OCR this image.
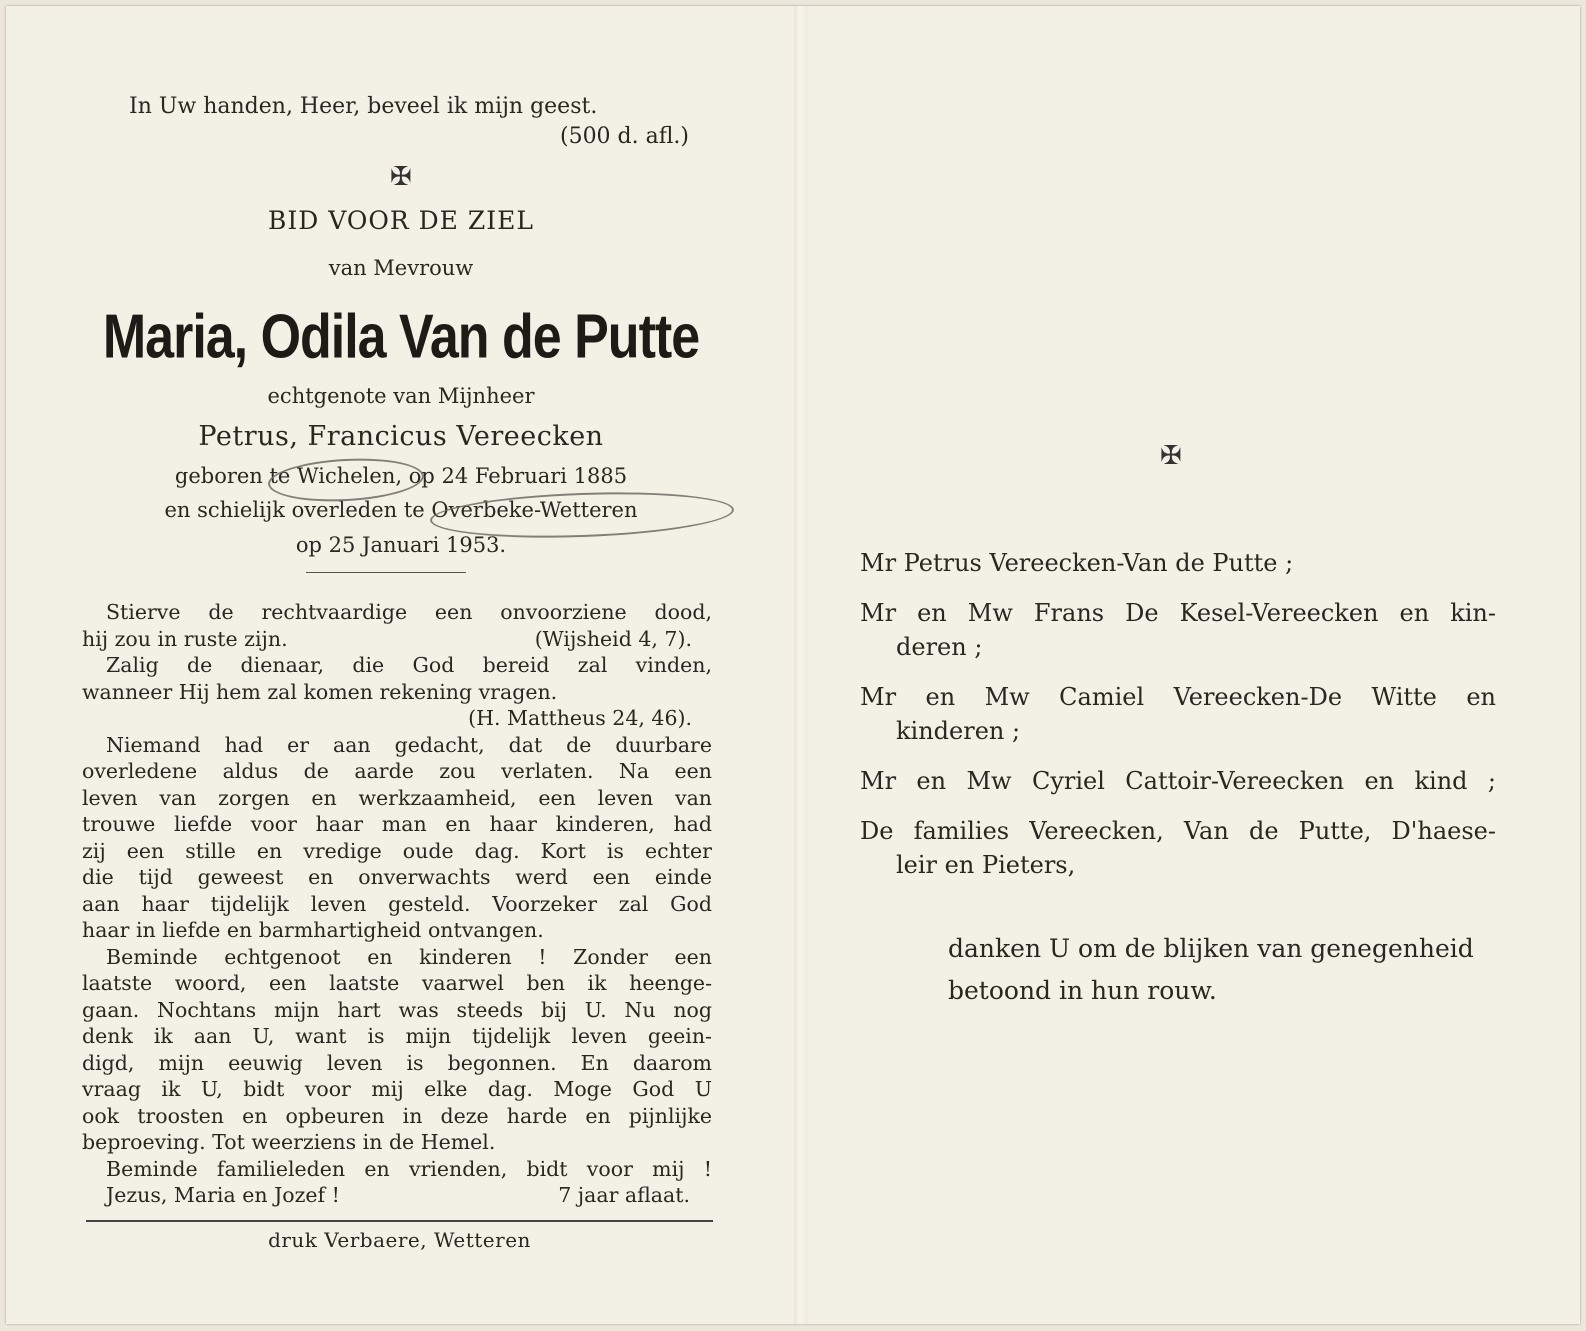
In Uw handen, Heer, beveel ik mijn geest.
(500 d. afl.)
✠
BID VOOR DE ZIEL
van Mevrouw
Maria, Odila Van de Putte
echtgenote van Mijnheer
Petrus, Francicus Vereecken
geboren te Wichelen, op 24 Februari 1885
en schielijk overleden te Overbeke-Wetteren
op 25 Januari 1953.

Stierve de rechtvaardige een onvoorziene dood,

hij zou in ruste zijn.	(Wijsheid 4, 7).

Zalig de dienaar, die God bereid zal vinden,

wanneer Hij hem zal komen rekening vragen.

(H. Mattheus 24, 46).

Niemand had er aan gedacht, dat de duurbare

overledene aldus de aarde zou verlaten. Na een

leven van zorgen en werkzaamheid, een leven van

trouwe liefde voor haar man en haar kinderen, had

zij een stille en vredige oude dag. Kort is echter

die tijd geweest en onverwachts werd een einde

aan haar tijdelijk leven gesteld. Voorzeker zal God

haar in liefde en barmhartigheid ontvangen.

Beminde echtgenoot en kinderen ! Zonder een

laatste woord, een laatste vaarwel ben ik heenge-

gaan. Nochtans mijn hart was steeds bij U. Nu nog

denk ik aan U, want is mijn tijdelijk leven geein-

digd, mijn eeuwig leven is begonnen. En daarom

vraag ik U, bidt voor mij elke dag. Moge God U

ook troosten en opbeuren in deze harde en pijnlijke

beproeving. Tot weerziens in de Hemel.

Beminde familieleden en vrienden, bidt voor mij !

Jezus, Maria en Jozef !	7 jaar aflaat.
druk Verbaere, Wetteren
✠
Mr Petrus Vereecken-Van de Putte ;
Mr en Mw Frans De Kesel-Vereecken en kin-
deren ;
Mr en Mw Camiel Vereecken-De Witte en
kinderen ;
Mr en Mw Cyriel Cattoir-Vereecken en kind ;
De families Vereecken, Van de Putte, D'haese-
leir en Pieters,
danken U om de blijken van genegenheid
betoond in hun rouw.
